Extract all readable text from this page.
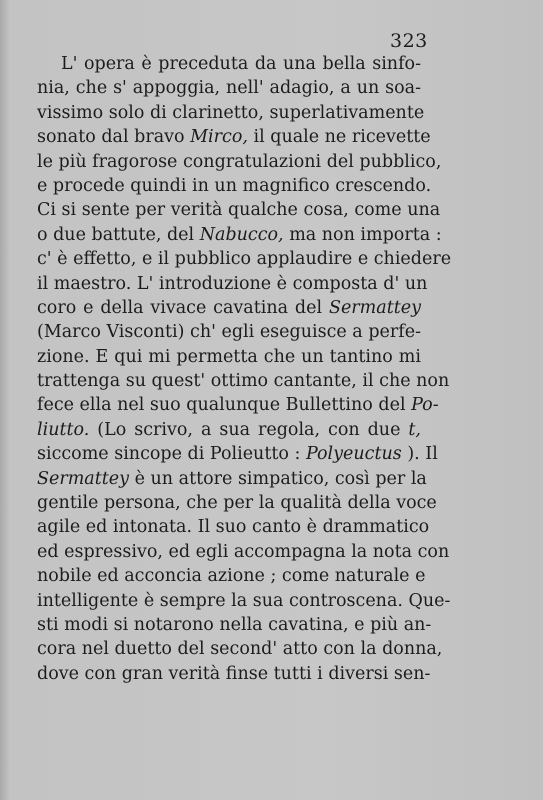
323
L' opera è preceduta da una bella sinfo-
nia, che s' appoggia, nell' adagio, a un soa-
vissimo solo di clarinetto, superlativamente
sonato dal bravo Mirco, il quale ne ricevette
le più fragorose congratulazioni del pubblico,
e procede quindi in un magnifico crescendo.
Ci si sente per verità qualche cosa, come una
o due battute, del Nabucco, ma non importa :
c' è effetto, e il pubblico applaudire e chiedere
il maestro. L' introduzione è composta d' un
coro e della vivace cavatina del Sermattey
(Marco Visconti) ch' egli eseguisce a perfe-
zione. E qui mi permetta che un tantino mi
trattenga su quest' ottimo cantante, il che non
fece ella nel suo qualunque Bullettino del Po-
liutto. (Lo scrivo, a sua regola, con due t,
siccome sincope di Polieutto : Polyeuctus ). Il
Sermattey è un attore simpatico, così per la
gentile persona, che per la qualità della voce
agile ed intonata. Il suo canto è drammatico
ed espressivo, ed egli accompagna la nota con
nobile ed acconcia azione ; come naturale e
intelligente è sempre la sua controscena. Que-
sti modi si notarono nella cavatina, e più an-
cora nel duetto del second' atto con la donna,
dove con gran verità finse tutti i diversi sen-
